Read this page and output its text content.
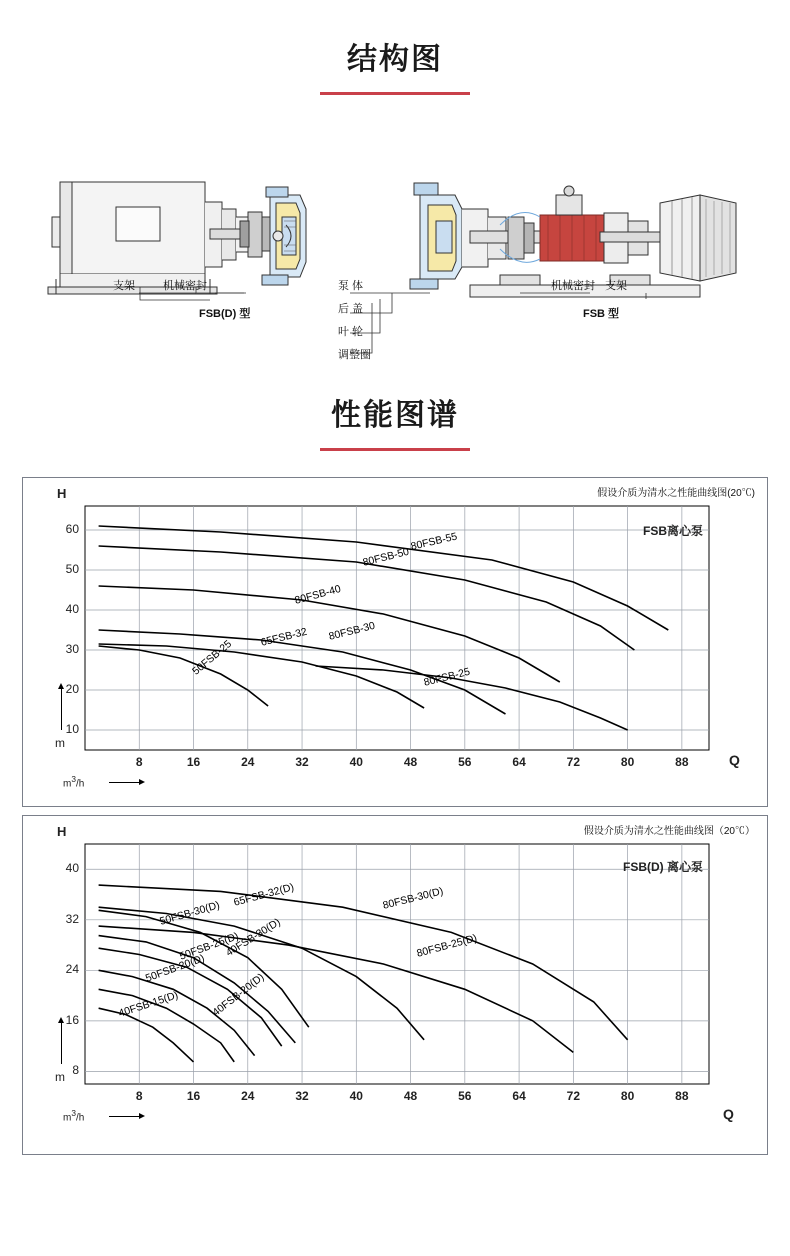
结构图
支架	机械密封	泵 体
后 盖
叶 轮
调整圈
机械密封 支架
FSB(D) 型	FSB 型
性能图谱
8	16	24	32	40	48	56	64	72	80	88
10
20
30
40
50
60
80FSB-55
80FSB-50
80FSB-40
80FSB-30
65FSB-32
80FSB-25
50FSB-25
假设介质为清水之性能曲线图(20℃)
H
m
$m^3/h$
Q
FSB离心泵
8	16	24	32	40	48	56	64	72	80	88
8
16
24
32
40
80FSB-30(D)
80FSB-25(D)
65FSB-32(D)
50FSB-30(D)
40FSB-30(D)
50FSB-25(D)
50FSB-20(D)
40FSB-20(D)
40FSB-15(D)
假设介质为清水之性能曲线图（20℃）
H
m
$m^3/h$	Q
FSB(D) 离心泵
